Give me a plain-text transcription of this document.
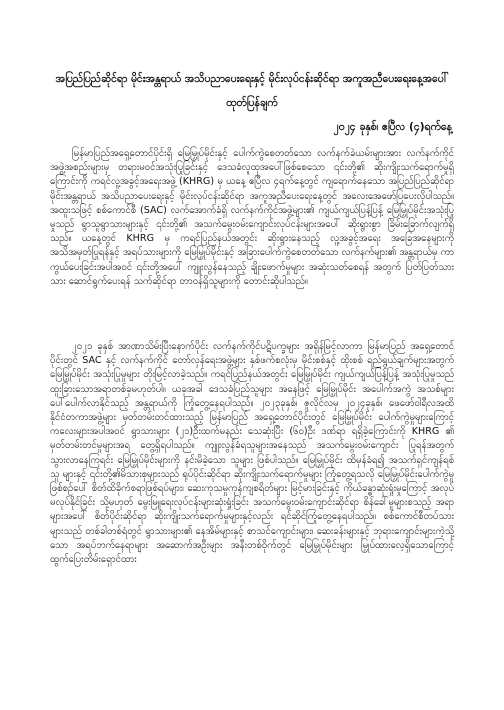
အပြည်ပြည်ဆိုင်ရာ မိုင်းအန္တရာယ် အသိပညာပေးရေးနှင့် မိုင်းလုပ်ငန်းဆိုင်ရာ အကူအညီပေးရေးနေ့အပေါ်
ထုတ်ပြန်ချက်
၂၀၂၄ ခုနှစ်၊ ဧပြီလ (၄)ရက်နေ့

မြန်မာပြည်အရှေ့တောင်ပိုင်းရှိ မြေမြှုပ်မိုင်းနှင့် ပေါက်ကွဲစေတတ်သော လက်နက်ခဲယမ်းများအား လက်နက်ကိုင်အဖွဲ့အစည်းများမှ တရားမဝင်အသုံးပြုခြင်းနှင့် ဒေသခံလူထုအပေါ်ဖြစ်စေသော ၎င်းတို့၏ ဆိုးကျိုးသက်ရောက်မှုရှိကြောင်းကို ကရင်လူ့အခွင့်အရေးအဖွဲ့ (KHRG) မှ ယနေ့ ဧပြီလ ၄ရက်နေ့တွင် ကျရောက်နေသော အပြည်ပြည်ဆိုင်ရာ မိုင်းအန္တရာယ် အသိပညာပေးရေးနှင့် မိုင်းလုပ်ငန်းဆိုင်ရာ အကူအညီပေးရေးနေ့တွင် အလေးအေဖော်ပြပေးလိုပါသည်။ အထူးသဖြင့် စစ်ကောင်စီ (SAC) လက်အောက်ခံရှိ လက်နက်ကိုင်အဖွဲ့များ၏ ကျယ်ကျယ်ပြန့်ပြန့် မြေမြှုပ်မိုင်းအသုံးပြုမှုသည် ရွာသူရွာသားများနှင့် ၎င်းတို့၏ အသက်မွေးဝမ်းကျောင်းလုပ်ငန်းများအပေါ် ဆိုးရွားစွာ ခြိမ်းခြောက်လျက်ရှိသည်။ ယနေ့တွင် KHRG မှ ကရင်ပြည်နယ်အတွင်း ဆိုးရွားနေသည့် လူ့အခွင့်အရေး အခြေအနေများကို အသိအမှတ်ပြုရန်နှင့် အရပ်သားများကို မြေမြှုပ်မိုင်းနှင့် အခြားပေါက်ကွဲစေတတ်သော လက်နက်များ၏ အန္တရာယ်မှ ကာကွယ်ပေးခြင်းအပါအဝင် ၎င်းတို့အပေါ် ကျူးလွန်နေသည့် ချိုးဖောက်မှုများ အဆုံးသတ်စေရန် အတွက် ပြတ်ပြတ်သားသား ဆောင်ရွက်ပေးရန် သက်ဆိုင်ရာ တာဝန်ရှိသူများကို တောင်းဆိုပါသည်။

၂၀၂၁ ခုနှစ် အာဏာသိမ်းပြီးနောက်ပိုင်း လက်နက်ကိုင်ပဋိပက္ခများ အရှိန်မြင့်လာကာ မြန်မာပြည် အရှေ့တောင်ပိုင်းတွင် SAC နှင့် လက်နက်ကိုင် တော်လှန်ရေးအဖွဲ့များ နှစ်ဖက်စလုံးမှ မိုင်းစစ်နှင့် ထိုးစစ် ရည်ရွယ်ချက်များအတွက် မြေမြှုပ်မိုင်း အသုံးပြုမှုများ တိုးမြင့်လာခဲ့သည်။ ကရင်ပြည်နယ်အတွင်း မြေမြှုပ်မိုင်း ကျယ်ကျယ်ပြန့်ပြန့် အသုံးပြုမှုသည် ထူးခြားသောအရာတစ်ခုမဟုတ်ပါ။ ယခုအခါ ဒေသခံပြည်သူများ အနေဖြင့် မြေမြှုပ်မိုင်း အပေါက်အကွဲ အသစ်များ ပေါ်ပေါက်လာနိုင်သည့် အန္တရာယ်ကို ကြုံတွေ့နေရပါသည်။ ၂၀၂၃ခုနှစ်၊ ဇူလိုင်လမှ ၂၀၂၄ခုနှစ်၊ ဖေဖော်ဝါရီလအထိ နိုင်ငံတကာအဖွဲ့များ မှတ်တမ်းတင်ထားသည့် မြန်မာပြည် အရှေ့တောင်ပိုင်းတွင် မြေမြှုပ်မိုင်း ပေါက်ကွဲမှုများကြောင့် ကလေးများအပါအဝင် ရွာသားများ (၂၁)ဦးထက်မနည်း သေဆုံးပြီး (၆၀)ဦး ဒဏ်ရာ ရရှိခဲ့ကြောင်းကို KHRG ၏ မှတ်တမ်းတင်မှုများအရ တွေ့ရှိရပါသည်။ ကျူးလွန်ခံရသူများအနေသည် အသက်မွေးဝမ်းကျောင်း ပြုရန်အတွက် သွားလာနေကြရင်း မြေမြှုပ်မိုင်းများကို နင်းမိခဲ့သော သူများ ဖြစ်ပါသည်။ မြေမြှုပ်မိုင်း ထိမှန်ခံရ၍ အသက်ရှင်ကျန်ရစ်သူ များနှင့် ၎င်းတို့၏မိသားစုများသည် ရုပ်ပိုင်းဆိုင်ရာ ဆိုးကျိုးသက်ရောက်မှုများ ကြုံတွေ့ရသလို မြေမြှုပ်မိုင်းပေါက်ကွဲမှုဖြစ်စဉ်ပေါ် စိတ်ထိခိုက်စရာဖြစ်ရပ်များ၊ ဆေးကုသမှုကုန်ကျစရိတ်များ မြင့်မားခြင်းနှင့် ကိုယ်ခန္ဓာဆုံးရှုံးမှုကြောင့် အလုပ်မလုပ်နိုင်ခြင်း သို့မဟုတ် မွေးမြူရေးလုပ်ငန်းများဆုံးရှုံးခြင်း အသက်မွေးဝမ်းကျောင်းဆိုင်ရာ စိန်ခေါ်မှုများစသည့် အရာများအပေါ် စိတ်ပိုင်းဆိုင်ရာ ဆိုးကျိုးသက်ရောက်မှုများနှင့်လည်း ရင်ဆိုင်ကြုံတွေ့နေရပါသည်။ စစ်ကောင်စီတပ်သားများသည် တစ်ခါတစ်ရံတွင် ရွာသားများ၏ နေအိမ်များနှင့် စာသင်ကျောင်းများ၊ ဆေးခန်းများနှင့် ဘုရားကျောင်းများကဲ့သို့သော အရပ်ဘက်နေရာများ အဆောက်အဦးများ အနီးတစ်ဝိုက်တွင် မြေမြှုပ်မိုင်းများ မြှုပ်ထားလေ့ရှိသောကြောင့် ထွက်ပြေးတိမ်းရှောင်ထား
